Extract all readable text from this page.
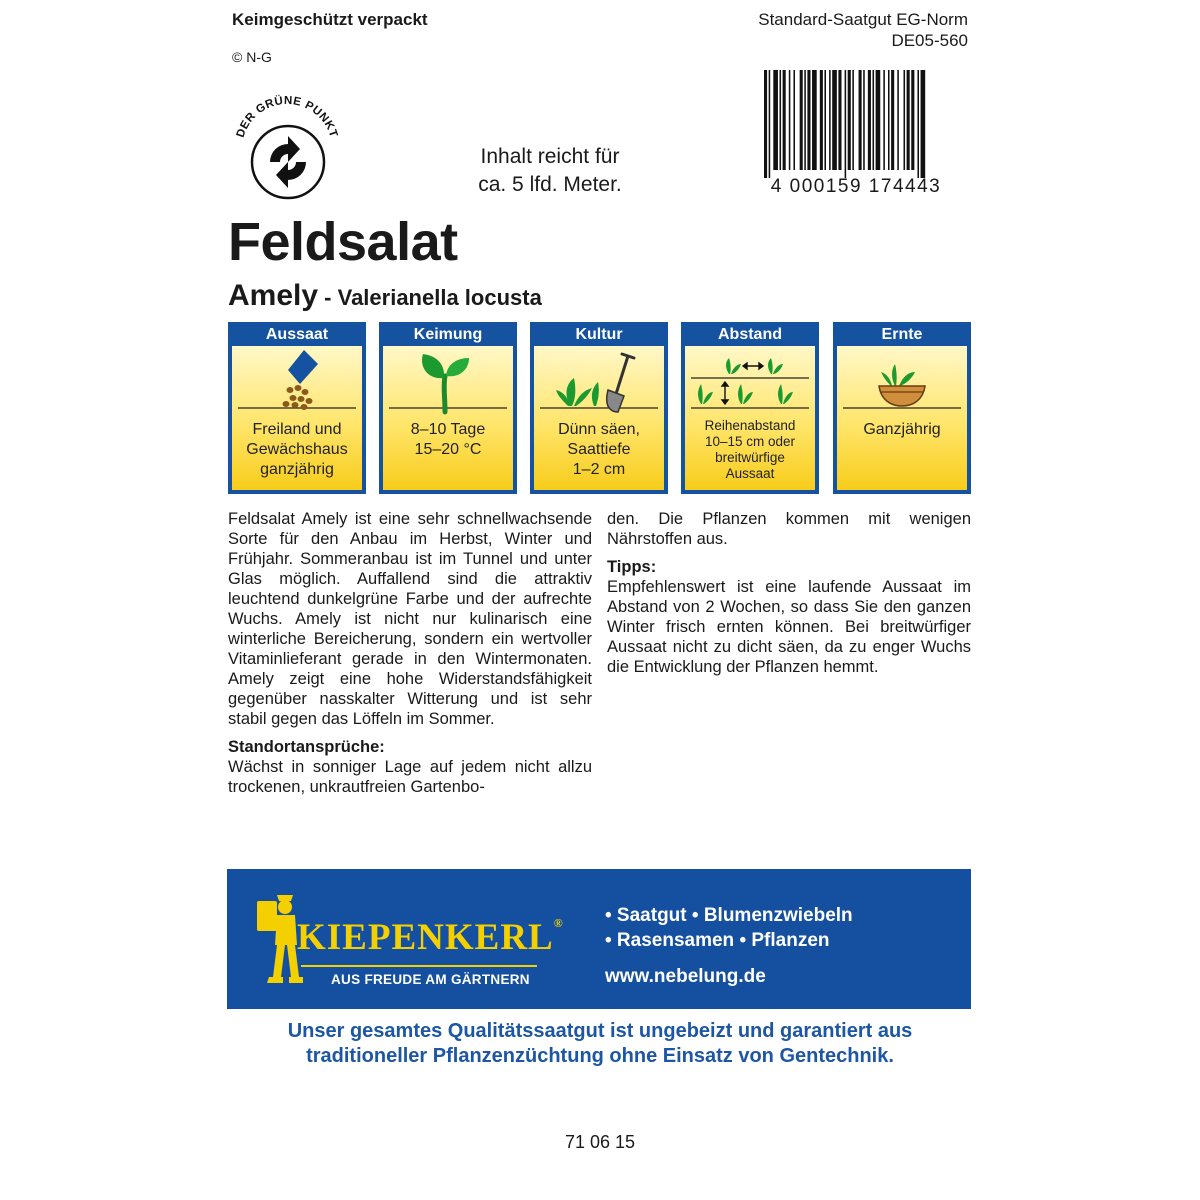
Keimgeschützt verpackt
© N-G
Standard-Saatgut EG-Norm
DE05-560
DER GRÜNE PUNKT
Inhalt reicht für
ca. 5 lfd. Meter.	4 000159 174443
Feldsalat
Amely - Valerianella locusta
Aussaat
Freiland und
Gewächshaus
ganzjährig
Keimung
8–10 Tage
15–20 °C
Kultur
Dünn säen,
Saattiefe
1–2 cm
Abstand
Reihenabstand
10–15 cm oder
breitwürfige
Aussaat
Ernte
Ganzjährig

Feldsalat Amely ist eine sehr schnellwachsende Sorte für den Anbau im Herbst, Winter und Frühjahr. Sommeranbau ist im Tunnel und unter Glas möglich. Auffallend sind die attraktiv leuchtend dunkelgrüne Farbe und der aufrechte Wuchs. Amely ist nicht nur kulinarisch eine winterliche Bereicherung, sondern ein wertvoller Vitaminlieferant gerade in den Wintermonaten. Amely zeigt eine hohe Widerstandsfähigkeit gegenüber nasskalter Witterung und ist sehr stabil gegen das Löffeln im Sommer.

Standortansprüche:

Wächst in sonniger Lage auf jedem nicht allzu trockenen, unkrautfreien Gartenbo-

den. Die Pflanzen kommen mit wenigen Nährstoffen aus.

Tipps:

Empfehlenswert ist eine laufende Aussaat im Abstand von 2 Wochen, so dass Sie den ganzen Winter frisch ernten können. Bei breitwürfiger Aussaat nicht zu dicht säen, da zu enger Wuchs die Entwicklung der Pflanzen hemmt.

KIEPENKERL®
AUS FREUDE AM GÄRTNERN
• Saatgut • Blumenzwiebeln
• Rasensamen • Pflanzen
www.nebelung.de
Unser gesamtes Qualitätssaatgut ist ungebeizt und garantiert aus
traditioneller Pflanzenzüchtung ohne Einsatz von Gentechnik.
71 06 15
